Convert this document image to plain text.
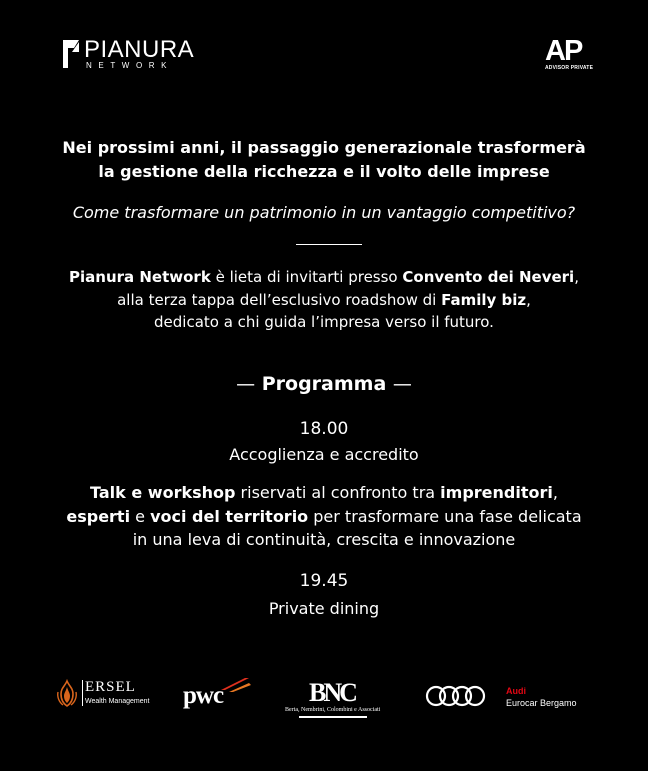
PIANURA
NETWORK	AP
ADVISOR PRIVATE
Nei prossimi anni, il passaggio generazionale trasformerà
la gestione della ricchezza e il volto delle imprese
Come trasformare un patrimonio in un vantaggio competitivo?
Pianura Network è lieta di invitarti presso Convento dei Neveri,
alla terza tappa dell’esclusivo roadshow di Family biz,
dedicato a chi guida l’impresa verso il futuro.
— Programma —
18.00
Accoglienza e accredito
Talk e workshop riservati al confronto tra imprenditori,
esperti e voci del territorio per trasformare una fase delicata
in una leva di continuità, crescita e innovazione
19.45
Private dining
ERSEL
Wealth Management pwc	BNC
Berta, Nembrini, Colombini e Associati
Audi
Eurocar Bergamo
